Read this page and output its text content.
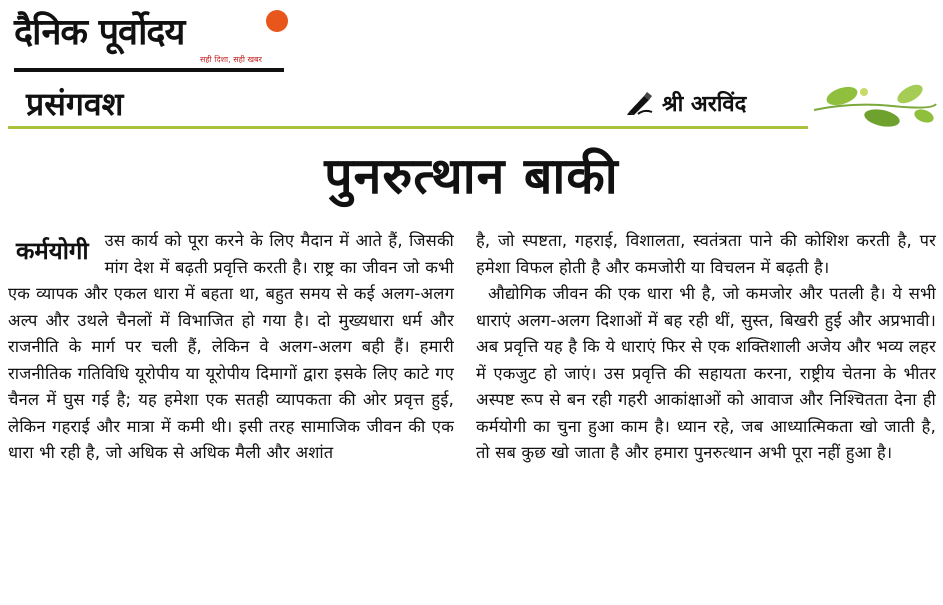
दैनिक पूर्वोदय
सही दिशा, सही खबर
प्रसंगवश	श्री अरविंद
पुनरुत्थान बाकी
कर्मयोगी उस कार्य को पूरा करने के लिए मैदान में आते हैं, जिसकी मांग देश में बढ़ती प्रवृत्ति करती है। राष्ट्र का जीवन जो कभी एक व्यापक और एकल धारा में बहता था, बहुत समय से कई अलग-अलग अल्प और उथले चैनलों में विभाजित हो गया है। दो मुख्यधारा धर्म और राजनीति के मार्ग पर चली हैं, लेकिन वे अलग-अलग बही हैं। हमारी राजनीतिक गतिविधि यूरोपीय या यूरोपीय दिमागों द्वारा इसके लिए काटे गए चैनल में घुस गई है; यह हमेशा एक सतही व्यापकता की ओर प्रवृत्त हुई, लेकिन गहराई और मात्रा में कमी थी। इसी तरह सामाजिक जीवन की एक धारा भी रही है, जो अधिक से अधिक मैली और अशांत

है, जो स्पष्टता, गहराई, विशालता, स्वतंत्रता पाने की कोशिश करती है, पर हमेशा विफल होती है और कमजोरी या विचलन में बढ़ती है।

औद्योगिक जीवन की एक धारा भी है, जो कमजोर और पतली है। ये सभी धाराएं अलग-अलग दिशाओं में बह रही थीं, सुस्त, बिखरी हुई और अप्रभावी। अब प्रवृत्ति यह है कि ये धाराएं फिर से एक शक्तिशाली अजेय और भव्य लहर में एकजुट हो जाएं। उस प्रवृत्ति की सहायता करना, राष्ट्रीय चेतना के भीतर अस्पष्ट रूप से बन रही गहरी आकांक्षाओं को आवाज और निश्चितता देना ही कर्मयोगी का चुना हुआ काम है। ध्यान रहे, जब आध्यात्मिकता खो जाती है, तो सब कुछ खो जाता है और हमारा पुनरुत्थान अभी पूरा नहीं हुआ है।
